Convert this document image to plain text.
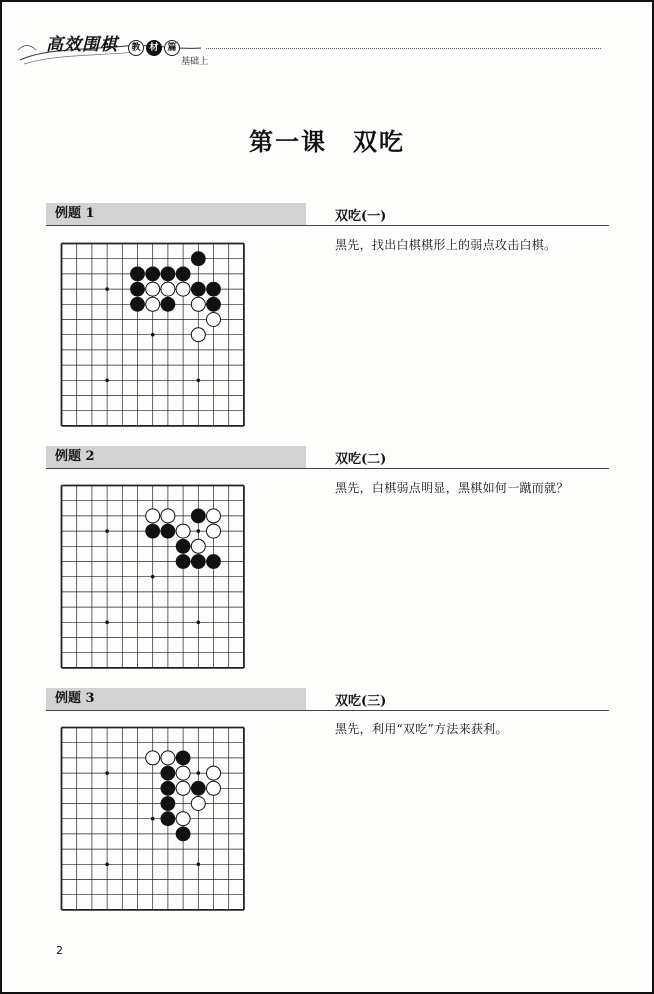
高效围棋	教 材 篇
基础上
第一课　双吃
例题 1	双吃(一)
黑先，找出白棋棋形上的弱点攻击白棋。
例题 2	双吃(二)
黑先，白棋弱点明显，黑棋如何一蹴而就？
例题 3	双吃(三)
黑先，利用“双吃”方法来获利。
2
